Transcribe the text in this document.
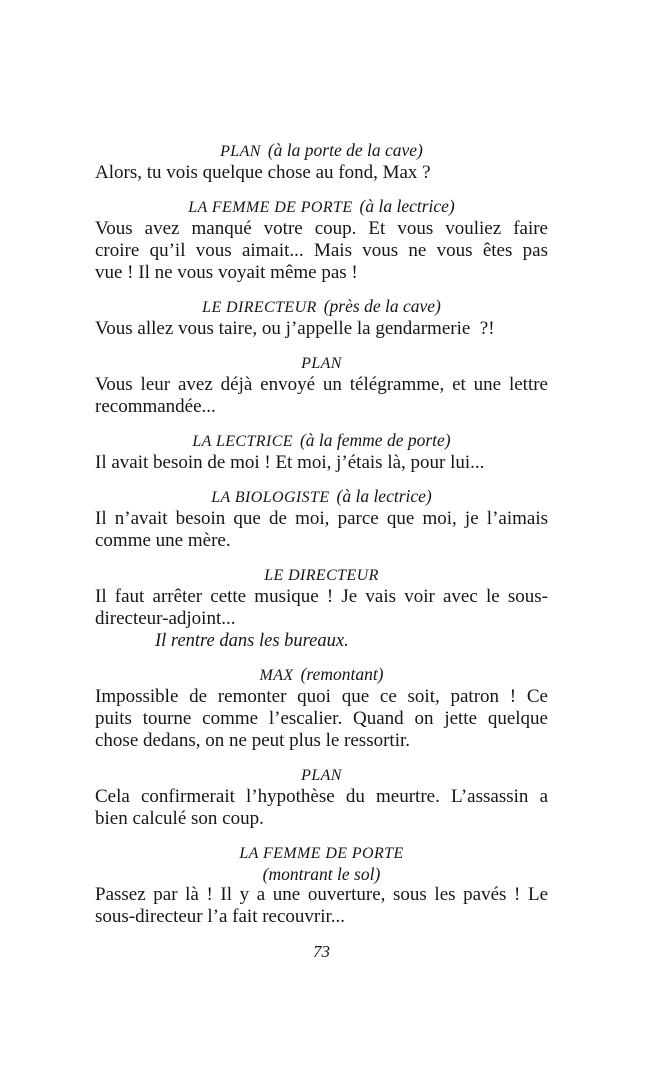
PLAN (à la porte de la cave)
Alors, tu vois quelque chose au fond, Max ?
LA FEMME DE PORTE (à la lectrice)
Vous avez manqué votre coup. Et vous vouliez faire
croire qu’il vous aimait... Mais vous ne vous êtes pas
vue ! Il ne vous voyait même pas !
LE DIRECTEUR (près de la cave)
Vous allez vous taire, ou j’appelle la gendarmerie ?!
PLAN
Vous leur avez déjà envoyé un télégramme, et une lettre
recommandée...
LA LECTRICE (à la femme de porte)
Il avait besoin de moi ! Et moi, j’étais là, pour lui...
LA BIOLOGISTE (à la lectrice)
Il n’avait besoin que de moi, parce que moi, je l’aimais
comme une mère.
LE DIRECTEUR
Il faut arrêter cette musique ! Je vais voir avec le sous-
directeur-adjoint...
Il rentre dans les bureaux.
MAX (remontant)
Impossible de remonter quoi que ce soit, patron ! Ce
puits tourne comme l’escalier. Quand on jette quelque
chose dedans, on ne peut plus le ressortir.
PLAN
Cela confirmerait l’hypothèse du meurtre. L’assassin a
bien calculé son coup.
LA FEMME DE PORTE
(montrant le sol)
Passez par là ! Il y a une ouverture, sous les pavés ! Le
sous-directeur l’a fait recouvrir...
73
